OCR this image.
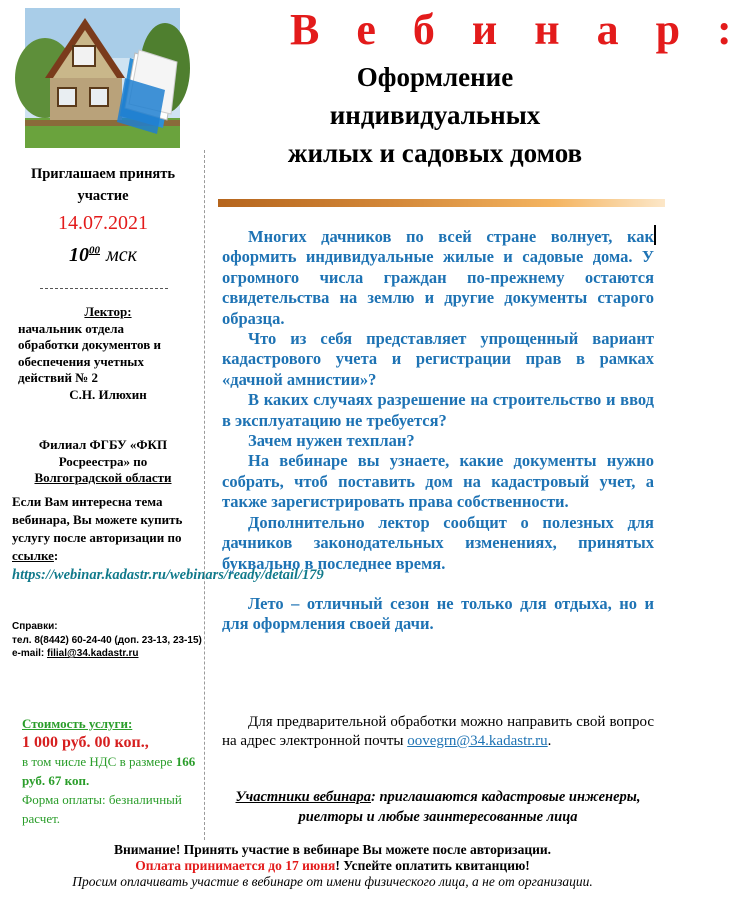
Приглашаем принять участие
14.07.2021
$10^{00}$ мск
Лектор:
начальник отдела
обработки документов и
обеспечения учетных
действий № 2
С.Н. Илюхин
Филиал ФГБУ «ФКП
Росреестра» по
Волгоградской области
Если Вам интересна тема вебинара, Вы можете купить услугу после авторизации по ссылке:
https://webinar.kadastr.ru/webinars/ready/detail/179
Справки:
тел. 8(8442) 60-24-40 (доп. 23-13, 23-15)
e-mail: filial@34.kadastr.ru
Стоимость услуги:
1 000 руб. 00 коп.,
в том числе НДС в размере 166 руб. 67 коп.
Форма оплаты: безналичный расчет.
В е б и н а р :
Оформление
индивидуальных
жилых и садовых домов

Многих дачников по всей стране волнует, как оформить индивидуальные жилые и садовые дома. У огромного числа граждан по-прежнему остаются свидетельства на землю и другие документы старого образца.

Что из себя представляет упрощенный вариант кадастрового учета и регистрации прав в рамках «дачной амнистии»?

В каких случаях разрешение на строительство и ввод в эксплуатацию не требуется?

Зачем нужен техплан?

На вебинаре вы узнаете, какие документы нужно собрать, чтоб поставить дом на кадастровый учет, а также зарегистрировать права собственности.

Дополнительно лектор сообщит о полезных для дачников законодательных изменениях, принятых буквально в последнее время.

Лето – отличный сезон не только для отдыха, но и для оформления своей дачи.

Для предварительной обработки можно направить свой вопрос на адрес электронной почты oovegrn@34.kadastr.ru.

Участники вебинара: приглашаются кадастровые инженеры, риелторы и любые заинтересованные лица
Внимание! Принять участие в вебинаре Вы можете после авторизации.
Оплата принимается до 17 июня! Успейте оплатить квитанцию!
Просим оплачивать участие в вебинаре от имени физического лица, а не от организации.
